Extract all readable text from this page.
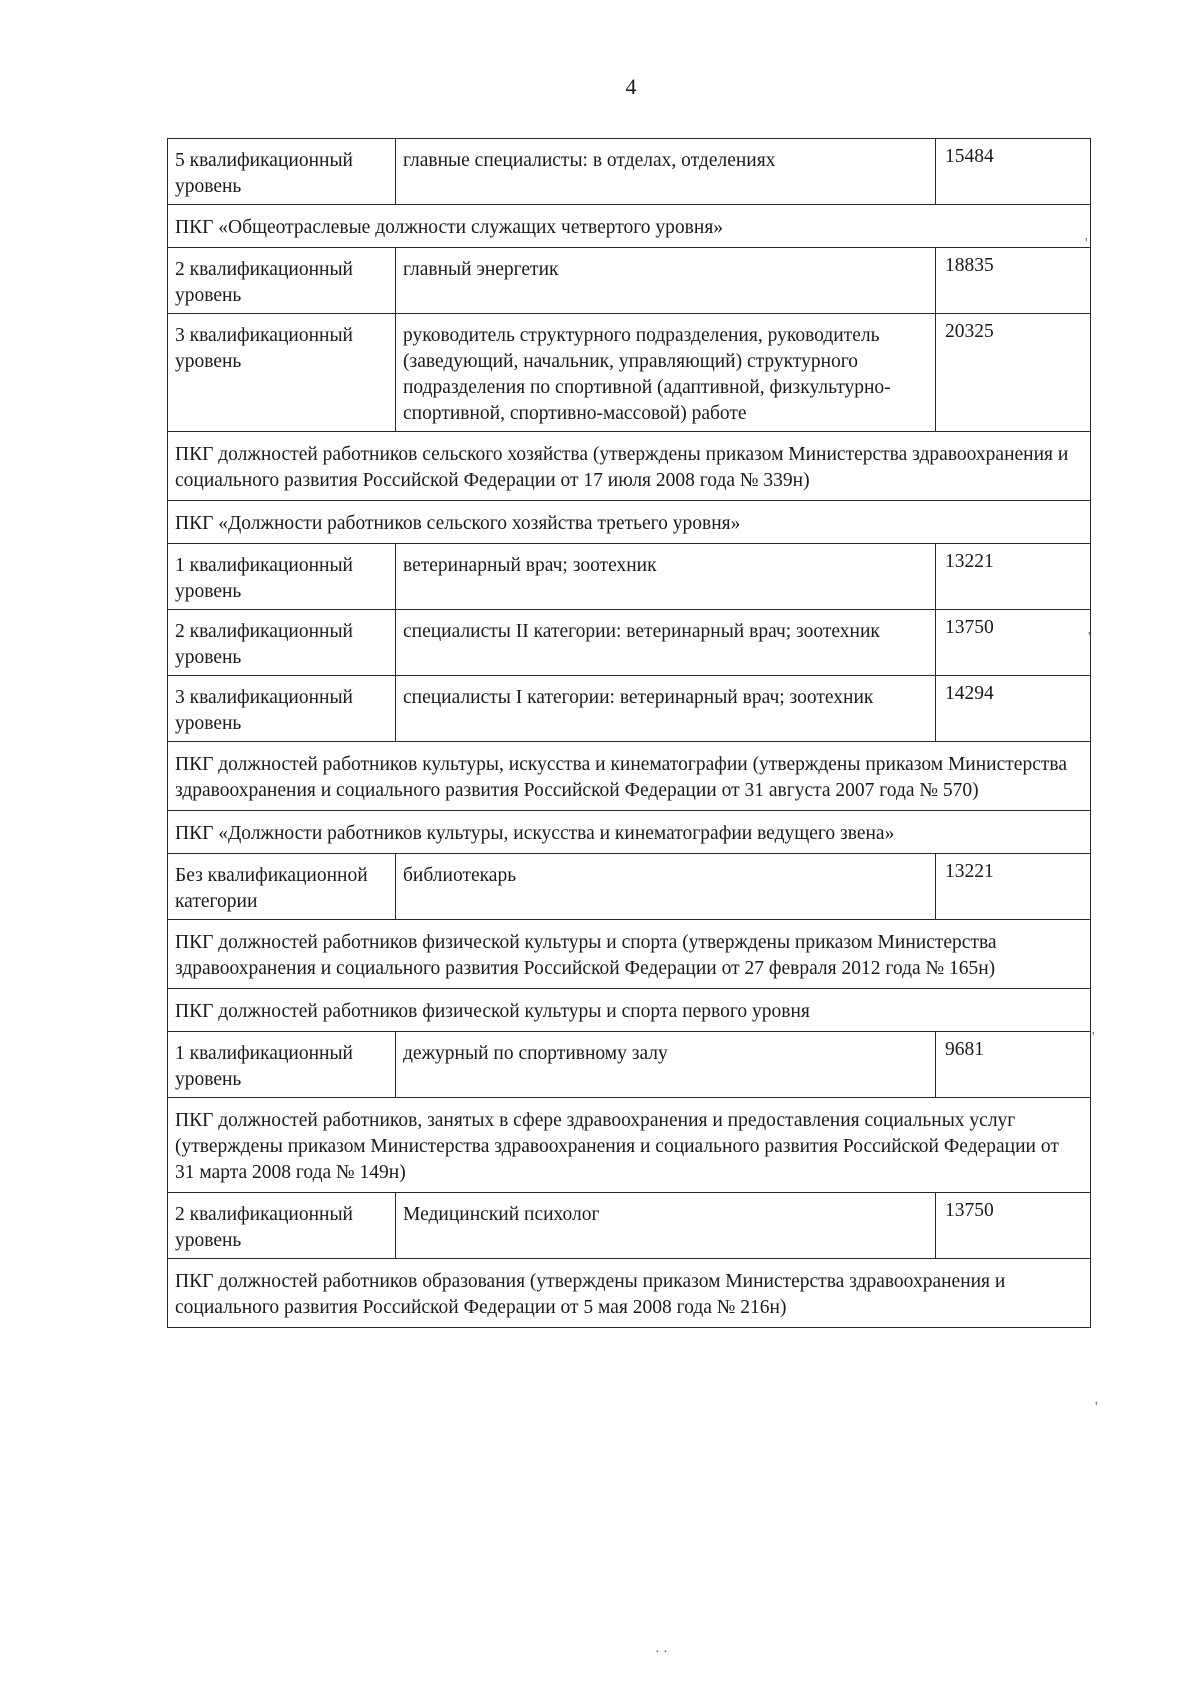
4
5 квалификационный уровень	главные специалисты: в отделах, отделениях	15484
ПКГ «Общеотраслевые должности служащих четвертого уровня»		
2 квалификационный уровень	главный энергетик	18835
3 квалификационный уровень	руководитель структурного подразделения, руководитель (заведующий, начальник, управляющий) структурного подразделения по спортивной (адаптивной, физкультурно-спортивной, спортивно-массовой) работе	20325
ПКГ должностей работников сельского хозяйства (утверждены приказом Министерства здравоохранения и социального развития Российской Федерации от 17 июля 2008 года № 339н)		
ПКГ «Должности работников сельского хозяйства третьего уровня»		
1 квалификационный уровень	ветеринарный врач; зоотехник	13221
2 квалификационный уровень	специалисты II категории: ветеринарный врач; зоотехник	13750
3 квалификационный уровень	специалисты I категории: ветеринарный врач; зоотехник	14294
ПКГ должностей работников культуры, искусства и кинематографии (утверждены приказом Министерства здравоохранения и социального развития Российской Федерации от 31 августа 2007 года № 570)		
ПКГ «Должности работников культуры, искусства и кинематографии ведущего звена»		
Без квалификационной категории	библиотекарь	13221
ПКГ должностей работников физической культуры и спорта (утверждены приказом Министерства здравоохранения и социального развития Российской Федерации от 27 февраля 2012 года № 165н)		
ПКГ должностей работников физической культуры и спорта первого уровня		
1 квалификационный уровень	дежурный по спортивному залу	9681
ПКГ должностей работников, занятых в сфере здравоохранения и предоставления социальных услуг (утверждены приказом Министерства здравоохранения и социального развития Российской Федерации от 31 марта 2008 года № 149н)		
2 квалификационный уровень	Медицинский психолог	13750
ПКГ должностей работников образования (утверждены приказом Министерства здравоохранения и социального развития Российской Федерации от 5 мая 2008 года № 216н)		
'
'
'
'
· ·
